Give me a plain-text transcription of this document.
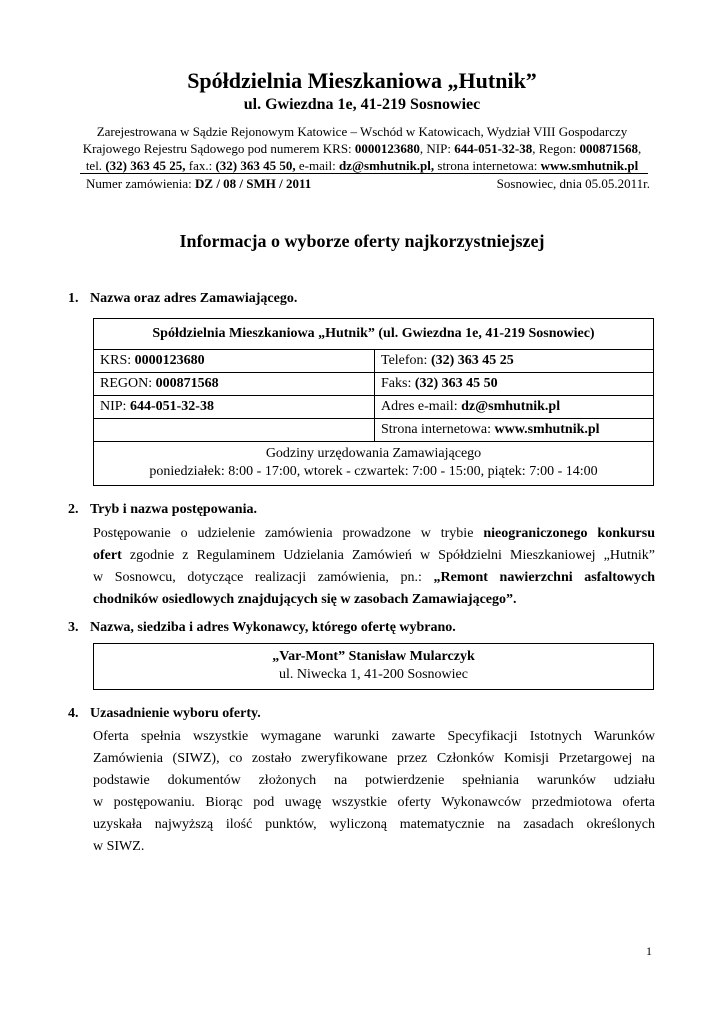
Spółdzielnia Mieszkaniowa „Hutnik”
ul. Gwiezdna 1e, 41-219 Sosnowiec
Zarejestrowana w Sądzie Rejonowym Katowice – Wschód w Katowicach, Wydział VIII Gospodarczy
Krajowego Rejestru Sądowego pod numerem KRS: 0000123680, NIP: 644-051-32-38, Regon: 000871568,
tel. (32) 363 45 25, fax.: (32) 363 45 50, e-mail: dz@smhutnik.pl, strona internetowa: www.smhutnik.pl
Numer zamówienia: DZ / 08 / SMH / 2011	Sosnowiec, dnia 05.05.2011r.
Informacja o wyborze oferty najkorzystniejszej
1. Nazwa oraz adres Zamawiającego.
Spółdzielnia Mieszkaniowa „Hutnik” (ul. Gwiezdna 1e, 41-219 Sosnowiec)	
KRS: 0000123680	Telefon: (32) 363 45 25
REGON: 000871568	Faks: (32) 363 45 50
NIP: 644-051-32-38	Adres e-mail: dz@smhutnik.pl
	Strona internetowa: www.smhutnik.pl

Godziny urzędowania Zamawiającego
poniedziałek: 8:00 - 17:00, wtorek - czwartek: 7:00 - 15:00, piątek: 7:00 - 14:00	
2. Tryb i nazwa postępowania.
Postępowanie o udzielenie zamówienia prowadzone w trybie nieograniczonego konkursu
ofert zgodnie z Regulaminem Udzielania Zamówień w Spółdzielni Mieszkaniowej „Hutnik”
w Sosnowcu, dotyczące realizacji zamówienia, pn.: „Remont nawierzchni asfaltowych
chodników osiedlowych znajdujących się w zasobach Zamawiającego”.
3. Nazwa, siedziba i adres Wykonawcy, którego ofertę wybrano.
„Var-Mont” Stanisław Mularczyk
ul. Niwecka 1, 41-200 Sosnowiec
4. Uzasadnienie wyboru oferty.
Oferta spełnia wszystkie wymagane warunki zawarte Specyfikacji Istotnych Warunków
Zamówienia (SIWZ), co zostało zweryfikowane przez Członków Komisji Przetargowej na
podstawie dokumentów złożonych na potwierdzenie spełniania warunków udziału
w postępowaniu. Biorąc pod uwagę wszystkie oferty Wykonawców przedmiotowa oferta
uzyskała najwyższą ilość punktów, wyliczoną matematycznie na zasadach określonych
w SIWZ.
1
